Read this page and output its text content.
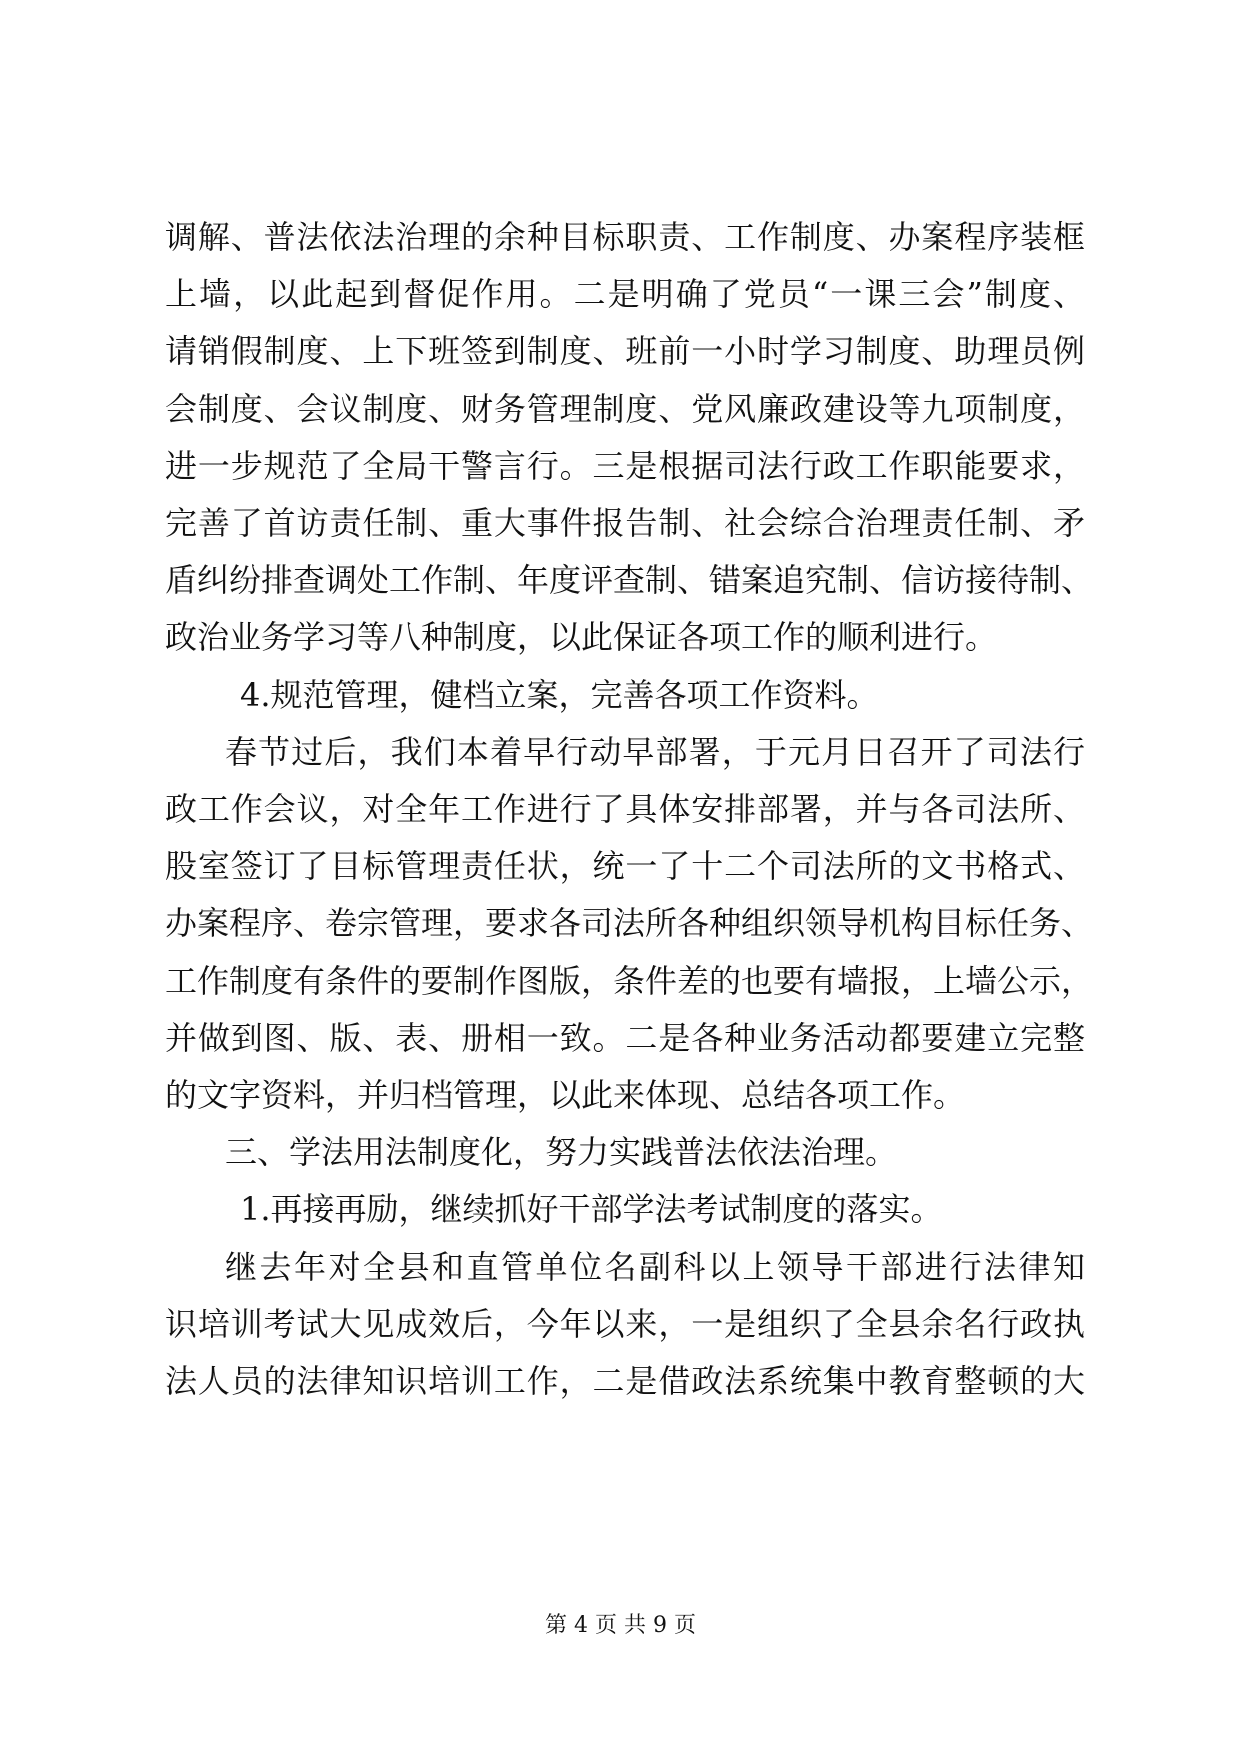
调解、普法依法治理的余种目标职责、工作制度、办案程序装框
上墙，以此起到督促作用。二是明确了党员“一课三会”制度、
请销假制度、上下班签到制度、班前一小时学习制度、助理员例
会制度、会议制度、财务管理制度、党风廉政建设等九项制度，
进一步规范了全局干警言行。三是根据司法行政工作职能要求，
完善了首访责任制、重大事件报告制、社会综合治理责任制、矛
盾纠纷排查调处工作制、年度评查制、错案追究制、信访接待制、
政治业务学习等八种制度，以此保证各项工作的顺利进行。
4.规范管理，健档立案，完善各项工作资料。
春节过后，我们本着早行动早部署，于元月日召开了司法行
政工作会议，对全年工作进行了具体安排部署，并与各司法所、
股室签订了目标管理责任状，统一了十二个司法所的文书格式、
办案程序、卷宗管理，要求各司法所各种组织领导机构目标任务、
工作制度有条件的要制作图版，条件差的也要有墙报，上墙公示，
并做到图、版、表、册相一致。二是各种业务活动都要建立完整
的文字资料，并归档管理，以此来体现、总结各项工作。
三、学法用法制度化，努力实践普法依法治理。
1.再接再励，继续抓好干部学法考试制度的落实。
继去年对全县和直管单位名副科以上领导干部进行法律知
识培训考试大见成效后，今年以来，一是组织了全县余名行政执
法人员的法律知识培训工作，二是借政法系统集中教育整顿的大
第 4 页 共 9 页
